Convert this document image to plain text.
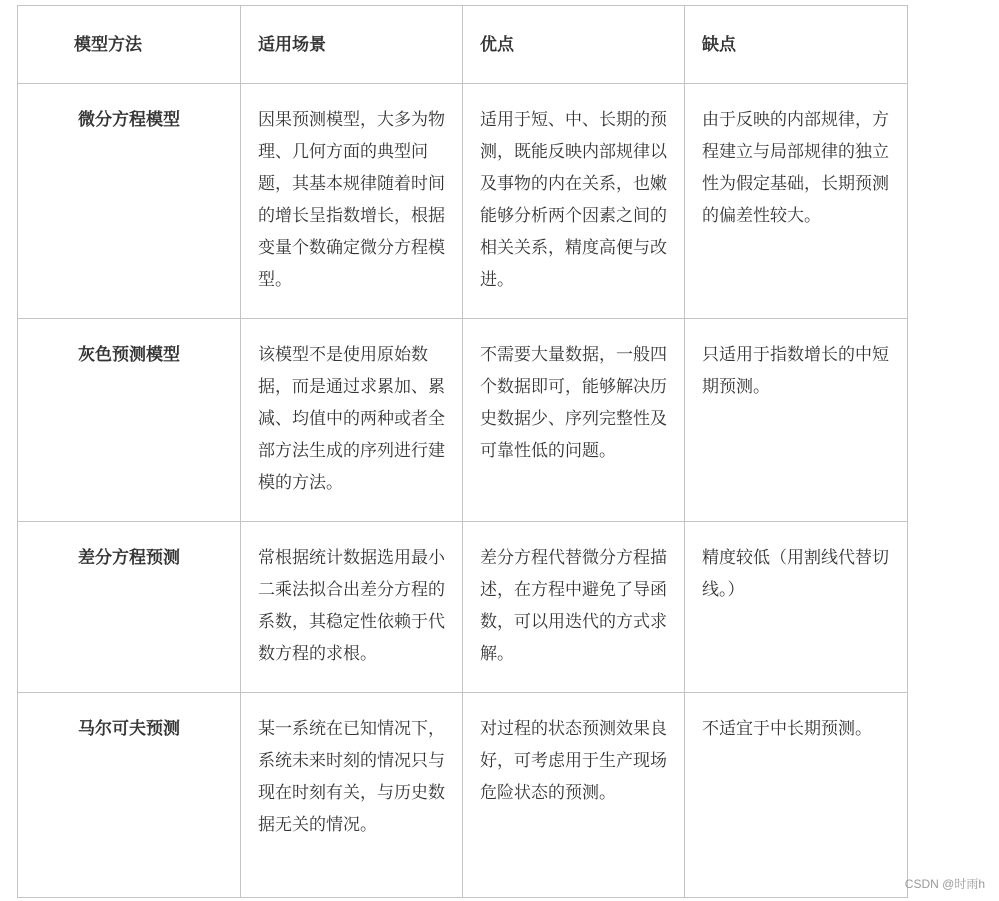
模型方法	适用场景	优点	缺点

微分方程模型	因果预测模型，大多为物理、几何方面的典型问题，其基本规律随着时间的增长呈指数增长，根据变量个数确定微分方程模型。	适用于短、中、长期的预测，既能反映内部规律以及事物的内在关系，也嫩能够分析两个因素之间的相关关系，精度高便与改进。	由于反映的内部规律，方程建立与局部规律的独立性为假定基础，长期预测的偏差性较大。

灰色预测模型	该模型不是使用原始数据，而是通过求累加、累减、均值中的两种或者全部方法生成的序列进行建模的方法。	不需要大量数据，一般四个数据即可，能够解决历史数据少、序列完整性及可靠性低的问题。	只适用于指数增长的中短期预测。

差分方程预测	常根据统计数据选用最小二乘法拟合出差分方程的系数，其稳定性依赖于代数方程的求根。	差分方程代替微分方程描述，在方程中避免了导函数，可以用迭代的方式求解。	精度较低（用割线代替切线。）

马尔可夫预测	某一系统在已知情况下，系统未来时刻的情况只与现在时刻有关，与历史数据无关的情况。	对过程的状态预测效果良好，可考虑用于生产现场危险状态的预测。	不适宜于中长期预测。
CSDN @时雨h
